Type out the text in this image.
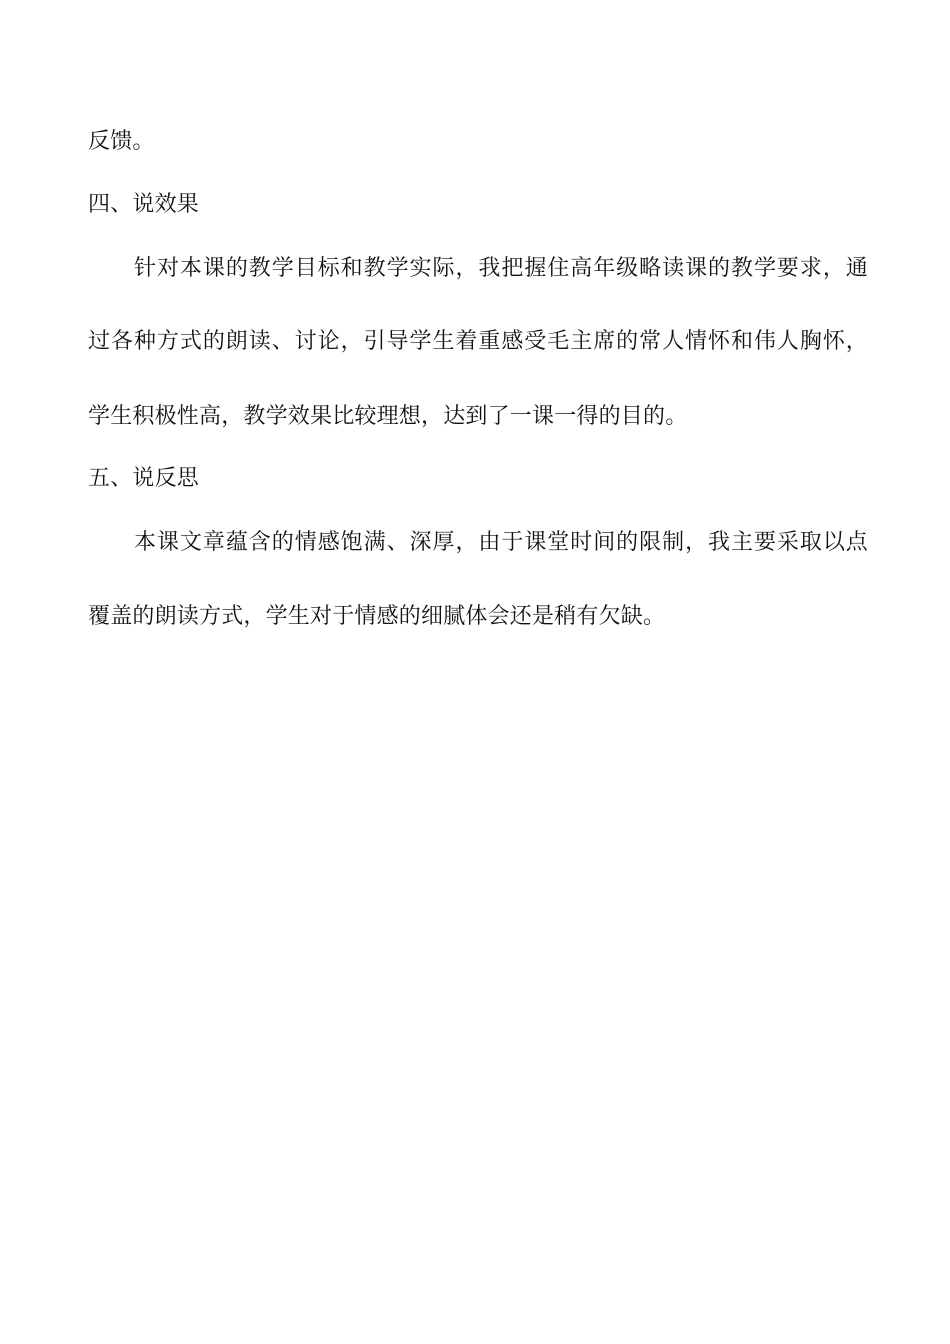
反馈。
四、说效果
针对本课的教学目标和教学实际，我把握住高年级略读课的教学要求，通
过各种方式的朗读、讨论，引导学生着重感受毛主席的常人情怀和伟人胸怀，
学生积极性高，教学效果比较理想，达到了一课一得的目的。
五、说反思
本课文章蕴含的情感饱满、深厚，由于课堂时间的限制，我主要采取以点
覆盖的朗读方式，学生对于情感的细腻体会还是稍有欠缺。
